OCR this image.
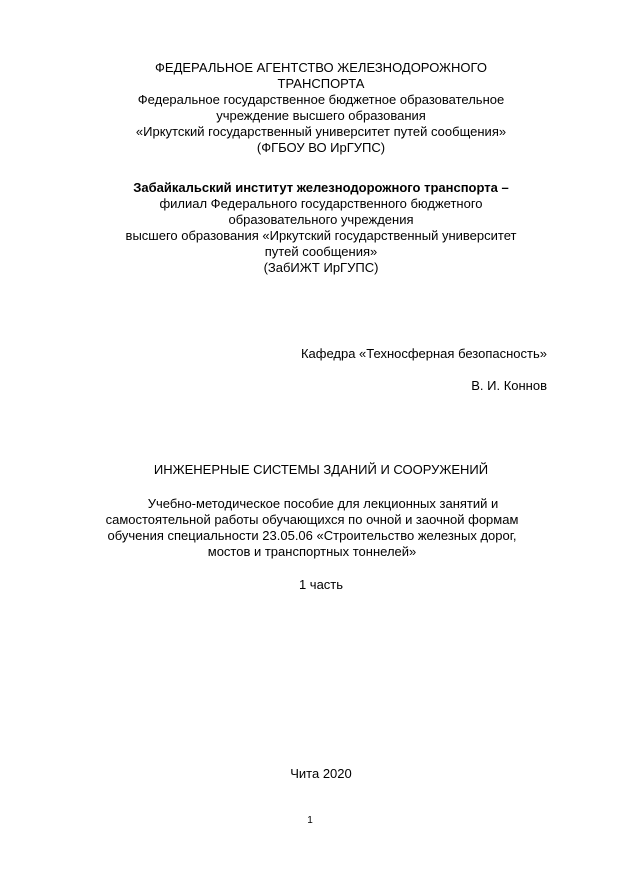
ФЕДЕРАЛЬНОЕ АГЕНТСТВО ЖЕЛЕЗНОДОРОЖНОГО
ТРАНСПОРТА
Федеральное государственное бюджетное образовательное
учреждение высшего образования
«Иркутский государственный университет путей сообщения»
(ФГБОУ ВО ИрГУПС)
Забайкальский институт железнодорожного транспорта –
филиал Федерального государственного бюджетного
образовательного учреждения
высшего образования «Иркутский государственный университет
путей сообщения»
(ЗабИЖТ ИрГУПС)
Кафедра «Техносферная безопасность»
В. И. Коннов
ИНЖЕНЕРНЫЕ СИСТЕМЫ ЗДАНИЙ И СООРУЖЕНИЙ
Учебно-методическое пособие для лекционных занятий и
самостоятельной работы обучающихся по очной и заочной формам
обучения специальности 23.05.06 «Строительство железных дорог,
мостов и транспортных тоннелей»
1 часть
Чита 2020
1
